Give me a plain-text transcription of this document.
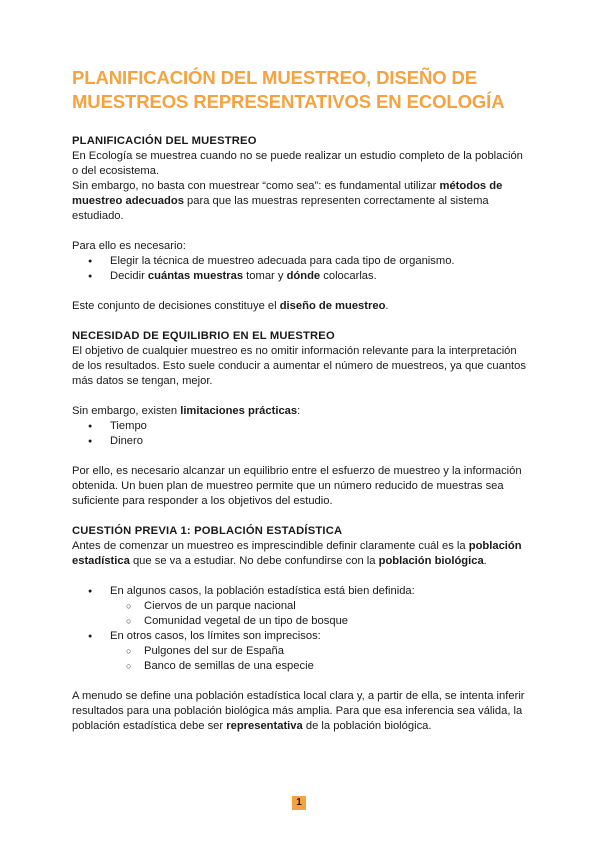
PLANIFICACIÓN DEL MUESTREO, DISEÑO DE MUESTREOS REPRESENTATIVOS EN ECOLOGÍA
PLANIFICACIÓN DEL MUESTREO

En Ecología se muestrea cuando no se puede realizar un estudio completo de la población o del ecosistema.

Sin embargo, no basta con muestrear “como sea”: es fundamental utilizar métodos de muestreo adecuados para que las muestras representen correctamente al sistema estudiado.

Para ello es necesario:

● Elegir la técnica de muestreo adecuada para cada tipo de organismo.
● Decidir cuántas muestras tomar y dónde colocarlas.

Este conjunto de decisiones constituye el diseño de muestreo.

NECESIDAD DE EQUILIBRIO EN EL MUESTREO

El objetivo de cualquier muestreo es no omitir información relevante para la interpretación de los resultados. Esto suele conducir a aumentar el número de muestreos, ya que cuantos más datos se tengan, mejor.

Sin embargo, existen limitaciones prácticas:

● Tiempo
● Dinero

Por ello, es necesario alcanzar un equilibrio entre el esfuerzo de muestreo y la información obtenida. Un buen plan de muestreo permite que un número reducido de muestras sea suficiente para responder a los objetivos del estudio.

CUESTIÓN PREVIA 1: POBLACIÓN ESTADÍSTICA

Antes de comenzar un muestreo es imprescindible definir claramente cuál es la población estadística que se va a estudiar. No debe confundirse con la población biológica.

● En algunos casos, la población estadística está bien definida:
○ Ciervos de un parque nacional
○ Comunidad vegetal de un tipo de bosque
● En otros casos, los límites son imprecisos:
○ Pulgones del sur de España
○ Banco de semillas de una especie

A menudo se define una población estadística local clara y, a partir de ella, se intenta inferir resultados para una población biológica más amplia. Para que esa inferencia sea válida, la población estadística debe ser representativa de la población biológica.

1
